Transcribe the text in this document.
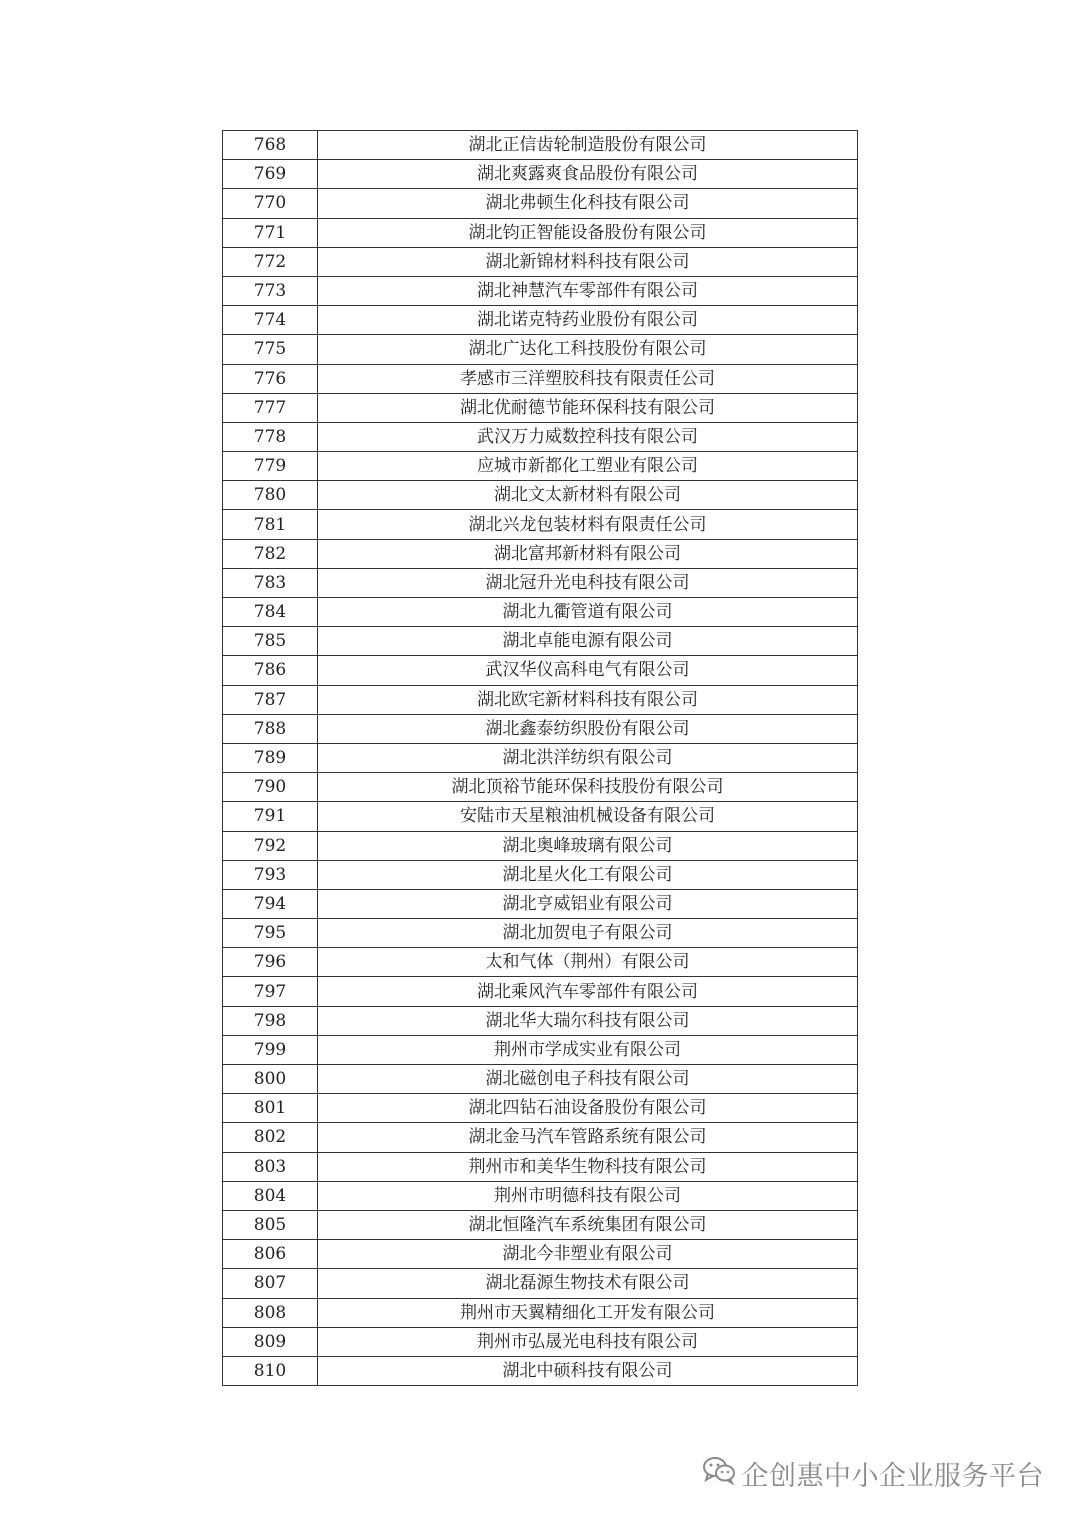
768	湖北正信齿轮制造股份有限公司
769	湖北爽露爽食品股份有限公司
770	湖北弗顿生化科技有限公司
771	湖北钧正智能设备股份有限公司
772	湖北新锦材料科技有限公司
773	湖北神慧汽车零部件有限公司
774	湖北诺克特药业股份有限公司
775	湖北广达化工科技股份有限公司
776	孝感市三洋塑胶科技有限责任公司
777	湖北优耐德节能环保科技有限公司
778	武汉万力威数控科技有限公司
779	应城市新都化工塑业有限公司
780	湖北文太新材料有限公司
781	湖北兴龙包装材料有限责任公司
782	湖北富邦新材料有限公司
783	湖北冠升光电科技有限公司
784	湖北九衢管道有限公司
785	湖北卓能电源有限公司
786	武汉华仪高科电气有限公司
787	湖北欧宅新材料科技有限公司
788	湖北鑫泰纺织股份有限公司
789	湖北洪洋纺织有限公司
790	湖北顶裕节能环保科技股份有限公司
791	安陆市天星粮油机械设备有限公司
792	湖北奥峰玻璃有限公司
793	湖北星火化工有限公司
794	湖北亨威铝业有限公司
795	湖北加贺电子有限公司
796	太和气体（荆州）有限公司
797	湖北乘风汽车零部件有限公司
798	湖北华大瑞尔科技有限公司
799	荆州市学成实业有限公司
800	湖北磁创电子科技有限公司
801	湖北四钻石油设备股份有限公司
802	湖北金马汽车管路系统有限公司
803	荆州市和美华生物科技有限公司
804	荆州市明德科技有限公司
805	湖北恒隆汽车系统集团有限公司
806	湖北今非塑业有限公司
807	湖北磊源生物技术有限公司
808	荆州市天翼精细化工开发有限公司
809	荆州市弘晟光电科技有限公司
810	湖北中硕科技有限公司
企创惠中小企业服务平台
